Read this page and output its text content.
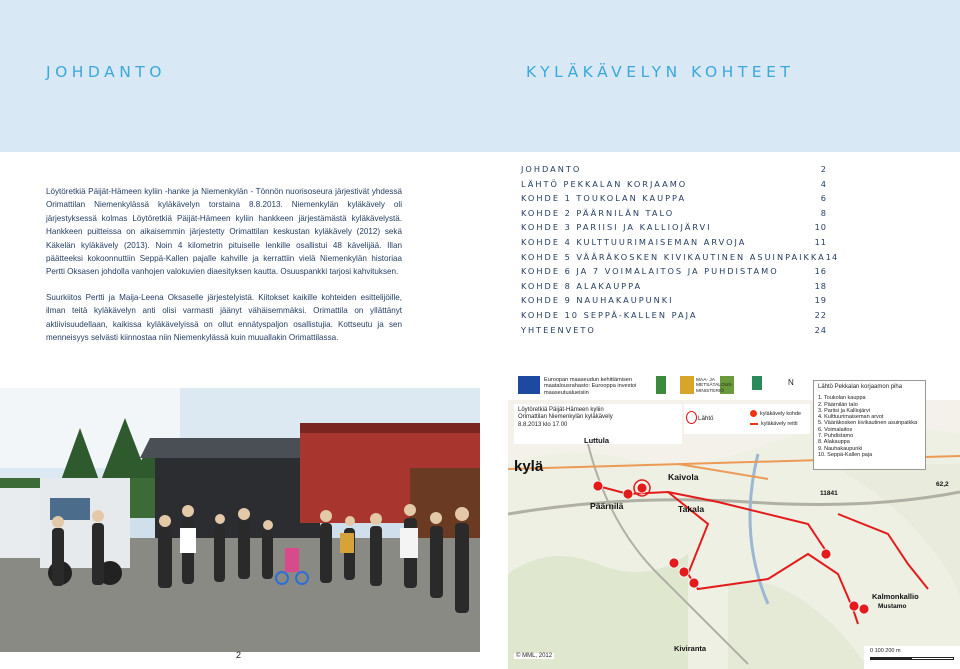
JOHDANTO	KYLÄKÄVELYN KOHTEET

Löytöretkiä Päijät-Hämeen kyliin -hanke ja Niemenkylän - Tönnön nuorisoseura järjestivät yhdessä Orimattilan Niemenkylässä kyläkävelyn torstaina 8.8.2013. Niemenkylän kyläkävely oli järjestyksessä kolmas Löytöretkiä Päijät-Hämeen kyliin hankkeen järjestämästä kyläkävelystä. Hankkeen puitteissa on aikaisemmin järjestetty Orimattilan keskustan kyläkävely (2012) sekä Käkelän kyläkävely (2013). Noin 4 kilometrin pituiselle lenkille osallistui 48 kävelijää. Illan päätteeksi kokoonnuttiin Seppä-Kallen pajalle kahville ja kerrattiin vielä Niemenkylän historiaa Pertti Oksasen johdolla vanhojen valokuvien diaesityksen kautta. Osuuspankki tarjosi kahvituksen.

Suurkiitos Pertti ja Maija-Leena Oksaselle järjestelyistä. Kiitokset kaikille kohteiden esittelijöille, ilman teitä kyläkävelyn anti olisi varmasti jäänyt vähäisemmäksi. Orimattila on yllättänyt aktiivisuudellaan, kaikissa kyläkävelyissä on ollut ennätyspaljon osallistujia. Kottseutu ja sen menneisyys selvästi kiinnostaa niin Niemenkylässä kuin muuallakin Orimattilassa.

JOHDANTO	2
LÄHTÖ PEKKALAN KORJAAMO	4
KOHDE 1 TOUKOLAN KAUPPA	6
KOHDE 2 PÄÄRNILÄN TALO	8
KOHDE 3 PARIISI JA KALLIOJÄRVI	10
KOHDE 4 KULTTUURIMAISEMAN ARVOJA	11
KOHDE 5 VÄÄRÄKOSKEN KIVIKAUTINEN ASUINPAIKKA 14
KOHDE 6 JA 7 VOIMALAITOS JA PUHDISTAMO	16
KOHDE 8 ALAKAUPPA	18
KOHDE 9 NAUHAKAUPUNKI	19
KOHDE 10 SEPPÄ-KALLEN PAJA	22
YHTEENVETO	24
2
Euroopan maaseudun kehittämisen maatalousrahasto: Eurooppa investoi maaseutualueisiin
MAA- JA METSÄTALOUS-MINISTERIÖ
N
Löytöretkiä Päijät-Hämeen kyliin
Orimattilan Niemenkylän kyläkävely
8.8.2013 klo 17.00
Lähtö
kyläkävely kohde
kyläkävely reitti
Lähtö Pekkalan korjaamon piha
1. Toukolan kauppa
2. Päärnilän talo
3. Pariisi ja Kalliojärvi
4. Kulttuurimaiseman arvot
5. Vääräkosken kivikautinen asuinpaikka
6. Voimalaitos
7. Puhdistamo
8. Alakauppa
9. Nauhakaupunki
10. Seppä-Kallen paja
kylä
Luttula
Päärnilä
Kaivola
Takala
Kiviranta
Kalmonkallio
Mustamo
62,2
11841
© MML, 2012
0 100 200 m
